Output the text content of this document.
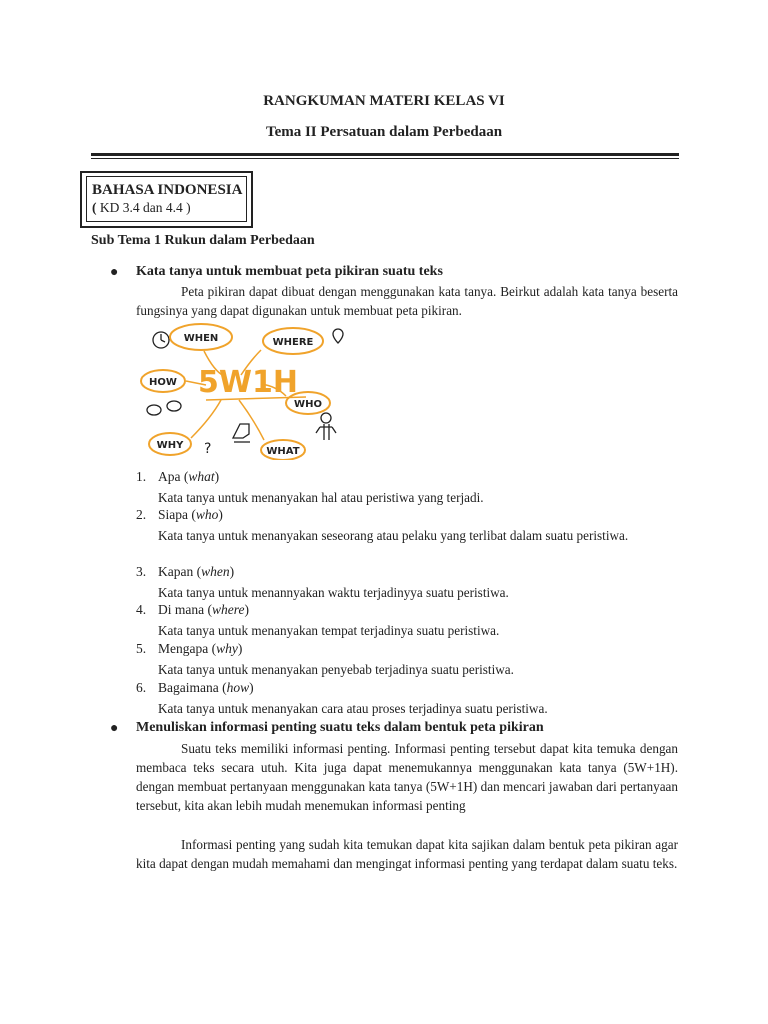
RANGKUMAN MATERI KELAS VI
Tema II Persatuan dalam Perbedaan
BAHASA INDONESIA
( KD 3.4 dan 4.4 )
Sub Tema 1 Rukun dalam Perbedaan
● Kata tanya untuk membuat peta pikiran suatu teks
Peta pikiran dapat dibuat dengan menggunakan kata tanya. Beirkut adalah kata tanya beserta fungsinya yang dapat digunakan untuk membuat peta pikiran.
WHEN	WHERE
HOW
WHO
WHY
WHAT
?
5W1H
1. Apa (what)
Kata tanya untuk menanyakan hal atau peristiwa yang terjadi.
2. Siapa (who)
Kata tanya untuk menanyakan seseorang atau pelaku yang terlibat dalam suatu peristiwa.
3. Kapan (when)
Kata tanya untuk menannyakan waktu terjadinyya suatu peristiwa.
4. Di mana (where)
Kata tanya untuk menanyakan tempat terjadinya suatu peristiwa.
5. Mengapa (why)
Kata tanya untuk menanyakan penyebab terjadinya suatu peristiwa.
6. Bagaimana (how)
Kata tanya untuk menanyakan cara atau proses terjadinya suatu peristiwa.
● Menuliskan informasi penting suatu teks dalam bentuk peta pikiran
Suatu teks memiliki informasi penting. Informasi penting tersebut dapat kita temuka dengan membaca teks secara utuh. Kita juga dapat menemukannya menggunakan kata tanya (5W+1H). dengan membuat pertanyaan menggunakan kata tanya (5W+1H) dan mencari jawaban dari pertanyaan tersebut, kita akan lebih mudah menemukan informasi penting
Informasi penting yang sudah kita temukan dapat kita sajikan dalam bentuk peta pikiran agar kita dapat dengan mudah memahami dan mengingat informasi penting yang terdapat dalam suatu teks.
